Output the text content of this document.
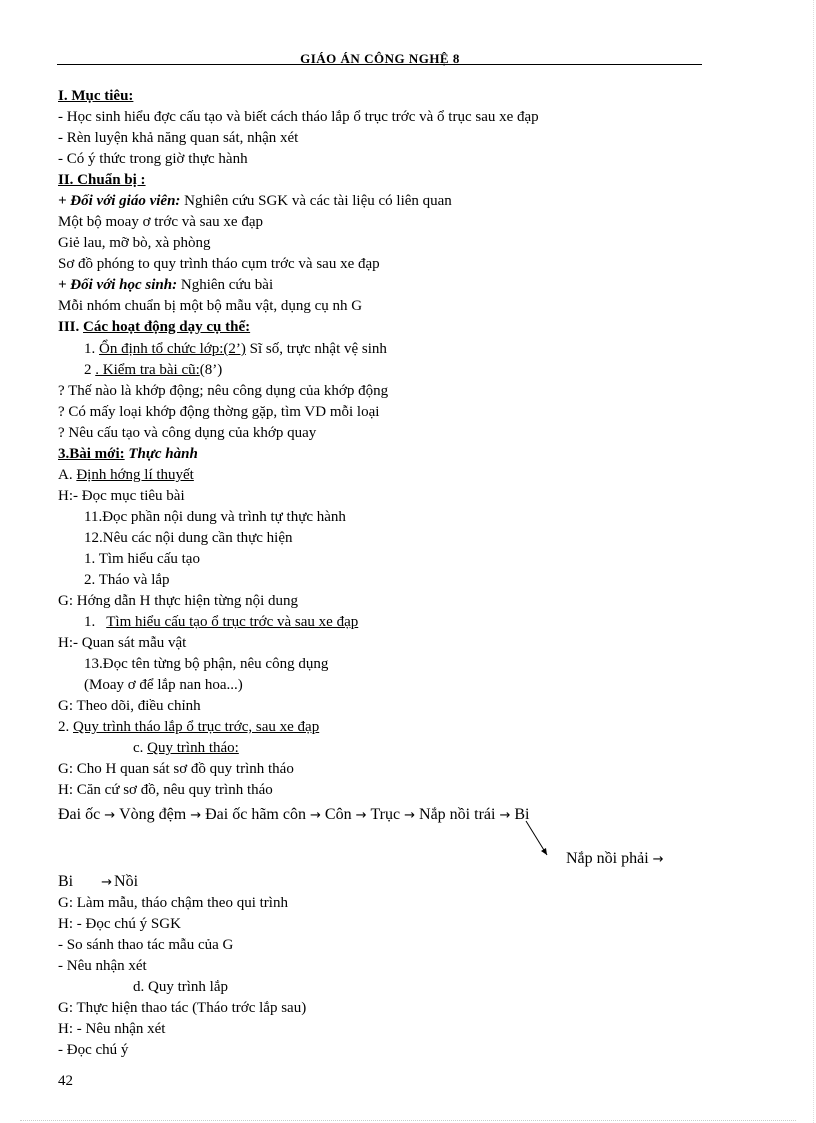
GIÁO ÁN CÔNG NGHỆ 8
I. Mục tiêu:
- Học sinh hiểu đợc cấu tạo và biết cách tháo lắp ổ trục trớc và ổ trục sau xe đạp
- Rèn luyện khả năng quan sát, nhận xét
- Có ý thức trong giờ thực hành
II. Chuẩn bị :
+ Đối với giáo viên: Nghiên cứu SGK và các tài liệu có liên quan
Một bộ moay ơ trớc và sau xe đạp
Giẻ lau, mỡ bò, xà phòng
Sơ đồ phóng to quy trình tháo cụm trớc và sau xe đạp
+ Đối với học sinh: Nghiên cứu bài
Mỗi nhóm chuẩn bị một bộ mẫu vật, dụng cụ nh G
III. Các hoạt động dạy cụ thể:
1. Ổn định tổ chức lớp:(2’) Sĩ số, trực nhật vệ sinh
2 . Kiểm tra bài cũ:(8’)
? Thế nào là khớp động; nêu công dụng của khớp động
? Có mấy loại khớp động thờng gặp, tìm VD mỗi loại
? Nêu cấu tạo và công dụng của khớp quay
3.Bài mới: Thực hành
A. Định hớng lí thuyết
H:- Đọc mục tiêu bài
11.Đọc phần nội dung và trình tự thực hành
12.Nêu các nội dung cần thực hiện
1. Tìm hiểu cấu tạo
2. Tháo và lắp
G: Hớng dẫn H thực hiện từng nội dung
1. Tìm hiểu cấu tạo ổ trục trớc và sau xe đạp
H:- Quan sát mẫu vật
13.Đọc tên từng bộ phận, nêu công dụng
(Moay ơ để lắp nan hoa...)
G: Theo dõi, điều chỉnh
2. Quy trình tháo lắp ổ trục trớc, sau xe đạp
c. Quy trình tháo:
G: Cho H quan sát sơ đồ quy trình tháo
H: Căn cứ sơ đồ, nêu quy trình tháo
Đai ốc → Vòng đệm → Đai ốc hãm côn → Côn → Trục → Nắp nồi trái → Bi
Nắp nồi phải →
Bi → Nồi
G: Làm mẫu, tháo chậm theo qui trình
H: - Đọc chú ý SGK
- So sánh thao tác mẫu của G
- Nêu nhận xét
d. Quy trình lắp
G: Thực hiện thao tác (Tháo trớc lắp sau)
H: - Nêu nhận xét
- Đọc chú ý
42
